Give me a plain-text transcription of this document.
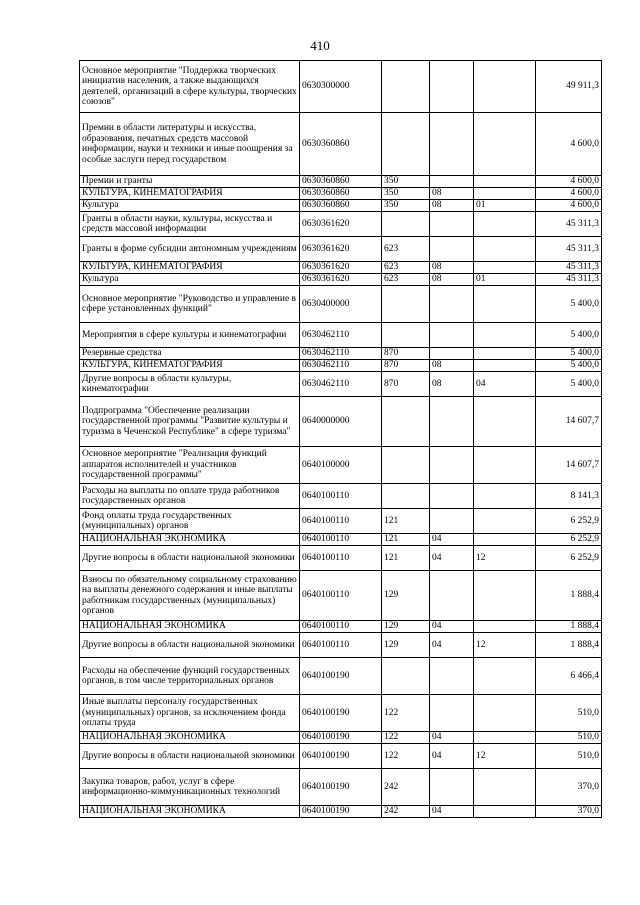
410
Основное мероприятие "Поддержка творческих инициатив населения, а также выдающихся деятелей, организаций в сфере культуры, творческих союзов"	0630300000				49 911,3
Премии в области литературы и искусства, образования, печатных средств массовой информации, науки и техники и иные поощрения за особые заслуги перед государством	0630360860				4 600,0
Премии и гранты	0630360860	350			4 600,0
КУЛЬТУРА, КИНЕМАТОГРАФИЯ	0630360860	350	08		4 600,0
Культура	0630360860	350	08	01	4 600,0
Гранты в области науки, культуры, искусства и средств массовой информации	0630361620				45 311,3
Гранты в форме субсидии автономным учреждениям	0630361620	623			45 311,3
КУЛЬТУРА, КИНЕМАТОГРАФИЯ	0630361620	623	08		45 311,3
Культура	0630361620	623	08	01	45 311,3
Основное мероприятие "Руководство и управление в сфере установленных функций"	0630400000				5 400,0
Мероприятия в сфере культуры и кинематографии	0630462110				5 400,0
Резервные средства	0630462110	870			5 400,0
КУЛЬТУРА, КИНЕМАТОГРАФИЯ	0630462110	870	08		5 400,0
Другие вопросы в области культуры, кинематографии	0630462110	870	08	04	5 400,0
Подпрограмма "Обеспечение реализации государственной программы "Развитие культуры и туризма в Чеченской Республике" в сфере туризма"	0640000000				14 607,7
Основное мероприятие "Реализация функций аппаратов исполнителей и участников государственной программы"	0640100000				14 607,7
Расходы на выплаты по оплате труда работников государственных органов	0640100110				8 141,3
Фонд оплаты труда государственных (муниципальных) органов	0640100110	121			6 252,9
НАЦИОНАЛЬНАЯ ЭКОНОМИКА	0640100110	121	04		6 252,9
Другие вопросы в области национальной экономики	0640100110	121	04	12	6 252,9
Взносы по обязательному социальному страхованию на выплаты денежного содержания и иные выплаты работникам государственных (муниципальных) органов	0640100110	129			1 888,4
НАЦИОНАЛЬНАЯ ЭКОНОМИКА	0640100110	129	04		1 888,4
Другие вопросы в области национальной экономики	0640100110	129	04	12	1 888,4
Расходы на обеспечение функций государственных органов, в том числе территориальных органов	0640100190				6 466,4
Иные выплаты персоналу государственных (муниципальных) органов, за исключением фонда оплаты труда	0640100190	122			510,0
НАЦИОНАЛЬНАЯ ЭКОНОМИКА	0640100190	122	04		510,0
Другие вопросы в области национальной экономики	0640100190	122	04	12	510,0
Закупка товаров, работ, услуг в сфере информационно-коммуникационных технологий	0640100190	242			370,0
НАЦИОНАЛЬНАЯ ЭКОНОМИКА	0640100190	242	04		370,0
